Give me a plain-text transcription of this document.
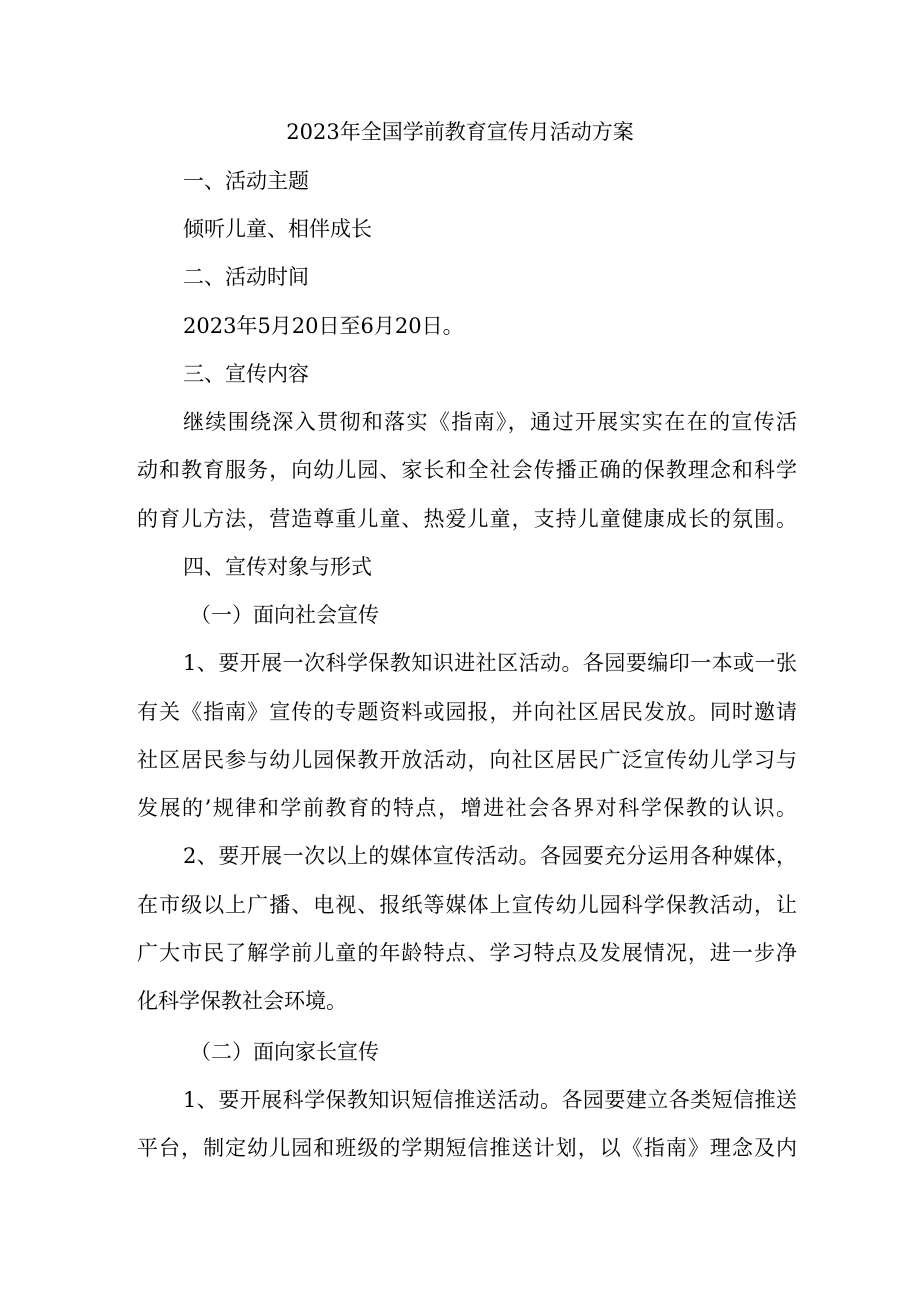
2023年全国学前教育宣传月活动方案
一、活动主题
倾听儿童、相伴成长
二、活动时间
2023年5月20日至6月20日。
三、宣传内容
继续围绕深入贯彻和落实《指南》，通过开展实实在在的宣传活
动和教育服务，向幼儿园、家长和全社会传播正确的保教理念和科学
的育儿方法，营造尊重儿童、热爱儿童，支持儿童健康成长的氛围。
四、宣传对象与形式
（一）面向社会宣传
1、要开展一次科学保教知识进社区活动。各园要编印一本或一张
有关《指南》宣传的专题资料或园报，并向社区居民发放。同时邀请
社区居民参与幼儿园保教开放活动，向社区居民广泛宣传幼儿学习与
发展的’规律和学前教育的特点，增进社会各界对科学保教的认识。
2、要开展一次以上的媒体宣传活动。各园要充分运用各种媒体，
在市级以上广播、电视、报纸等媒体上宣传幼儿园科学保教活动，让
广大市民了解学前儿童的年龄特点、学习特点及发展情况，进一步净
化科学保教社会环境。
（二）面向家长宣传
1、要开展科学保教知识短信推送活动。各园要建立各类短信推送
平台，制定幼儿园和班级的学期短信推送计划，以《指南》理念及内
